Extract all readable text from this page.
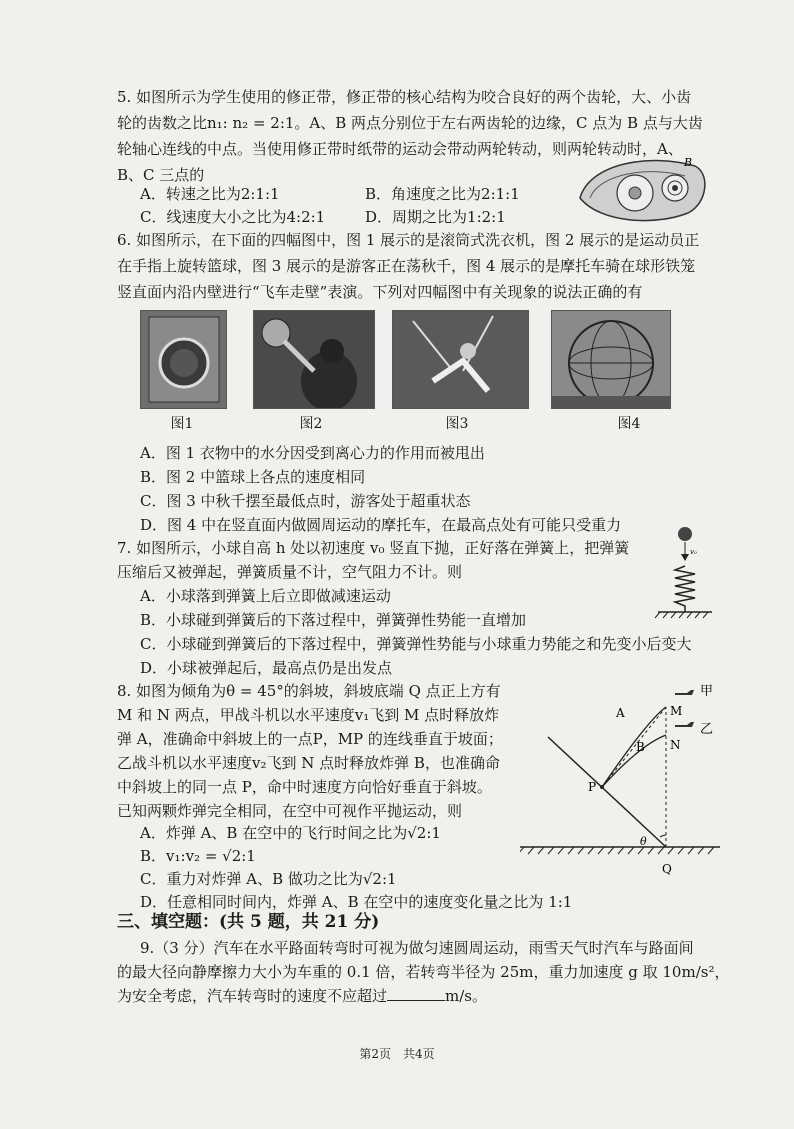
5. 如图所示为学生使用的修正带，修正带的核心结构为咬合良好的两个齿轮，大、小齿
轮的齿数之比n₁: n₂ = 2:1。A、B 两点分别位于左右两齿轮的边缘，C 点为 B 点与大齿
轮轴心连线的中点。当使用修正带时纸带的运动会带动两轮转动，则两轮转动时，A、
B、C 三点的
A．转速之比为2:1:1	B．角速度之比为2:1:1
C．线速度大小之比为4:2:1	D．周期之比为1:2:1
B
6. 如图所示，在下面的四幅图中，图 1 展示的是滚筒式洗衣机，图 2 展示的是运动员正
在手指上旋转篮球，图 3 展示的是游客正在荡秋千，图 4 展示的是摩托车骑在球形铁笼
竖直面内沿内壁进行“飞车走壁”表演。下列对四幅图中有关现象的说法正确的有
图1	图2	图3	图4
A．图 1 衣物中的水分因受到离心力的作用而被甩出
B．图 2 中篮球上各点的速度相同
C．图 3 中秋千摆至最低点时，游客处于超重状态
D．图 4 中在竖直面内做圆周运动的摩托车，在最高点处有可能只受重力
7. 如图所示，小球自高 h 处以初速度 v₀ 竖直下抛，正好落在弹簧上，把弹簧
压缩后又被弹起，弹簧质量不计，空气阻力不计。则
A．小球落到弹簧上后立即做减速运动
B．小球碰到弹簧后的下落过程中，弹簧弹性势能一直增加
C．小球碰到弹簧后的下落过程中，弹簧弹性势能与小球重力势能之和先变小后变大
D．小球被弹起后，最高点仍是出发点
v₀
8. 如图为倾角为θ = 45°的斜坡，斜坡底端 Q 点正上方有
M 和 N 两点，甲战斗机以水平速度v₁飞到 M 点时释放炸
弹 A，准确命中斜坡上的一点P，MP 的连线垂直于坡面；
乙战斗机以水平速度v₂飞到 N 点时释放炸弹 B，也准确命
中斜坡上的同一点 P，命中时速度方向恰好垂直于斜坡。
已知两颗炸弹完全相同，在空中可视作平抛运动，则
A．炸弹 A、B 在空中的飞行时间之比为√2:1
B．v₁:v₂ = √2:1
C．重力对炸弹 A、B 做功之比为√2:1
D．任意相同时间内，炸弹 A、B 在空中的速度变化量之比为 1:1
甲
乙
M
N
A
B
P
Q
θ
三、填空题：(共 5 题，共 21 分)
9.（3 分）汽车在水平路面转弯时可视为做匀速圆周运动，雨雪天气时汽车与路面间
的最大径向静摩擦力大小为车重的 0.1 倍，若转弯半径为 25m，重力加速度 g 取 10m/s²，
为安全考虑，汽车转弯时的速度不应超过	m/s。
第2页　共4页
